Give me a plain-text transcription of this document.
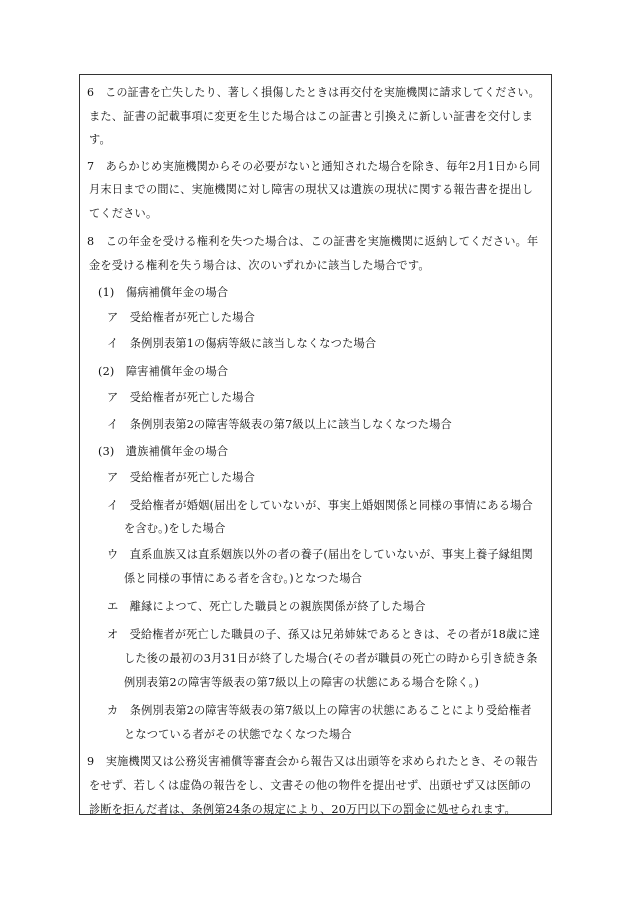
6　この証書を亡失したり、著しく損傷したときは再交付を実施機関に請求してください。
また、証書の記載事項に変更を生じた場合はこの証書と引換えに新しい証書を交付しま
す。
7　あらかじめ実施機関からその必要がないと通知された場合を除き、毎年2月1日から同
月末日までの間に、実施機関に対し障害の現状又は遺族の現状に関する報告書を提出し
てください。
8　この年金を受ける権利を失つた場合は、この証書を実施機関に返納してください。年
金を受ける権利を失う場合は、次のいずれかに該当した場合です。
(1)　傷病補償年金の場合
ア　受給権者が死亡した場合
イ　条例別表第1の傷病等級に該当しなくなつた場合
(2)　障害補償年金の場合
ア　受給権者が死亡した場合
イ　条例別表第2の障害等級表の第7級以上に該当しなくなつた場合
(3)　遺族補償年金の場合
ア　受給権者が死亡した場合
イ　受給権者が婚姻(届出をしていないが、事実上婚姻関係と同様の事情にある場合
を含む。)をした場合
ウ　直系血族又は直系姻族以外の者の養子(届出をしていないが、事実上養子縁組関
係と同様の事情にある者を含む。)となつた場合
エ　離縁によつて、死亡した職員との親族関係が終了した場合
オ　受給権者が死亡した職員の子、孫又は兄弟姉妹であるときは、その者が18歳に達
した後の最初の3月31日が終了した場合(その者が職員の死亡の時から引き続き条
例別表第2の障害等級表の第7級以上の障害の状態にある場合を除く。)
カ　条例別表第2の障害等級表の第7級以上の障害の状態にあることにより受給権者
となつている者がその状態でなくなつた場合
9　実施機関又は公務災害補償等審査会から報告又は出頭等を求められたとき、その報告
をせず、若しくは虚偽の報告をし、文書その他の物件を提出せず、出頭せず又は医師の
診断を拒んだ者は、条例第24条の規定により、20万円以下の罰金に処せられます。
